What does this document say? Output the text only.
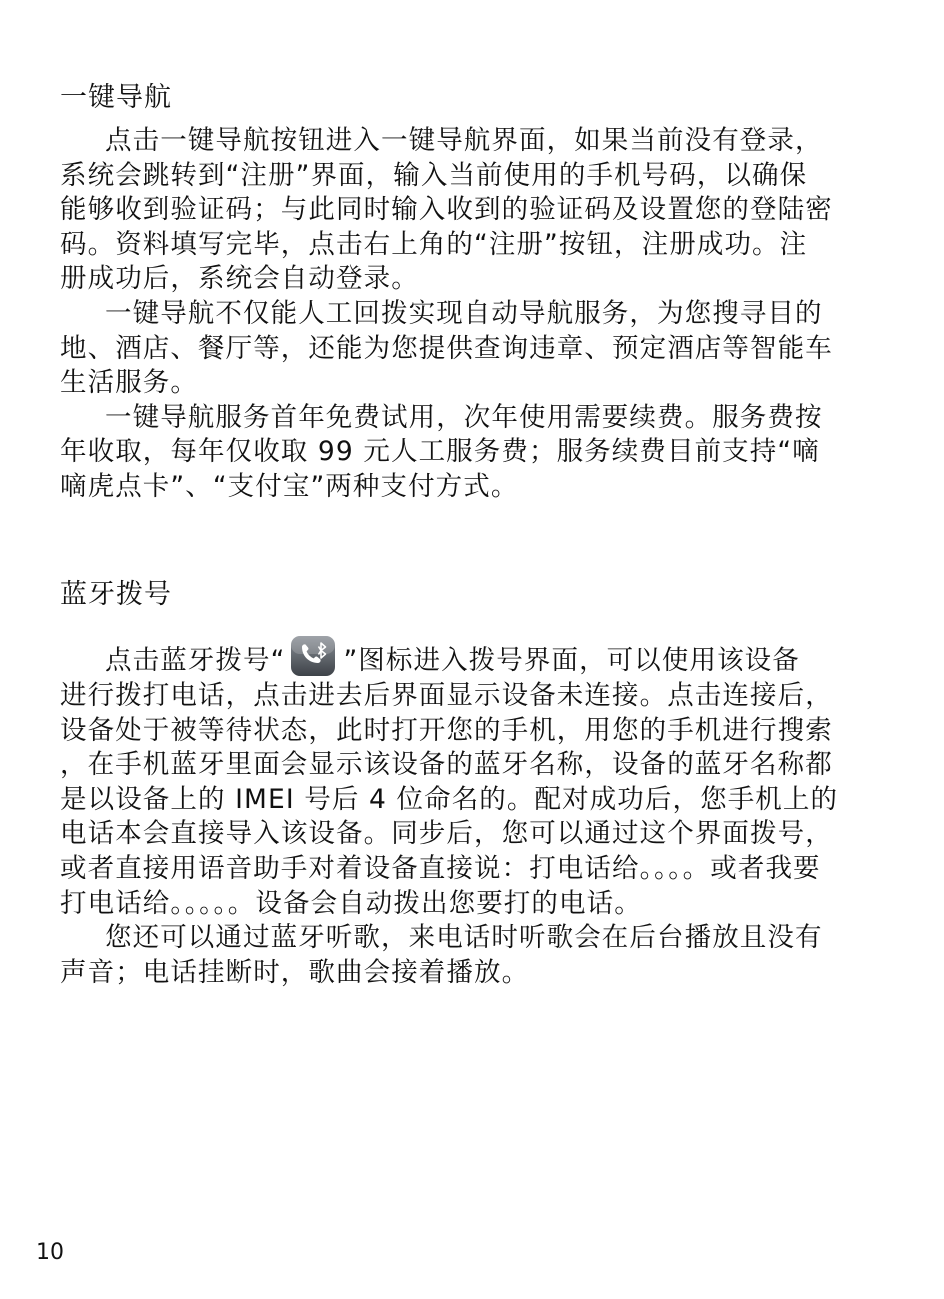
一键导航

点击一键导航按钮进入一键导航界面，如果当前没有登录，
系统会跳转到“注册”界面，输入当前使用的手机号码，以确保
能够收到验证码；与此同时输入收到的验证码及设置您的登陆密
码。资料填写完毕，点击右上角的“注册”按钮，注册成功。注
册成功后，系统会自动登录。

一键导航不仅能人工回拨实现自动导航服务，为您搜寻目的
地、酒店、餐厅等，还能为您提供查询违章、预定酒店等智能车
生活服务。

一键导航服务首年免费试用，次年使用需要续费。服务费按
年收取，每年仅收取 99 元人工服务费；服务续费目前支持“嘀
嘀虎点卡”、“支付宝”两种支付方式。

蓝牙拨号

点击蓝牙拨号“ ”图标进入拨号界面，可以使用该设备
进行拨打电话，点击进去后界面显示设备未连接。点击连接后，
设备处于被等待状态，此时打开您的手机，用您的手机进行搜索
，在手机蓝牙里面会显示该设备的蓝牙名称，设备的蓝牙名称都
是以设备上的 IMEI 号后 4 位命名的。配对成功后，您手机上的
电话本会直接导入该设备。同步后，您可以通过这个界面拨号，
或者直接用语音助手对着设备直接说：打电话给。。。。或者我要
打电话给。。。。。设备会自动拨出您要打的电话。

您还可以通过蓝牙听歌，来电话时听歌会在后台播放且没有
声音；电话挂断时，歌曲会接着播放。

10
